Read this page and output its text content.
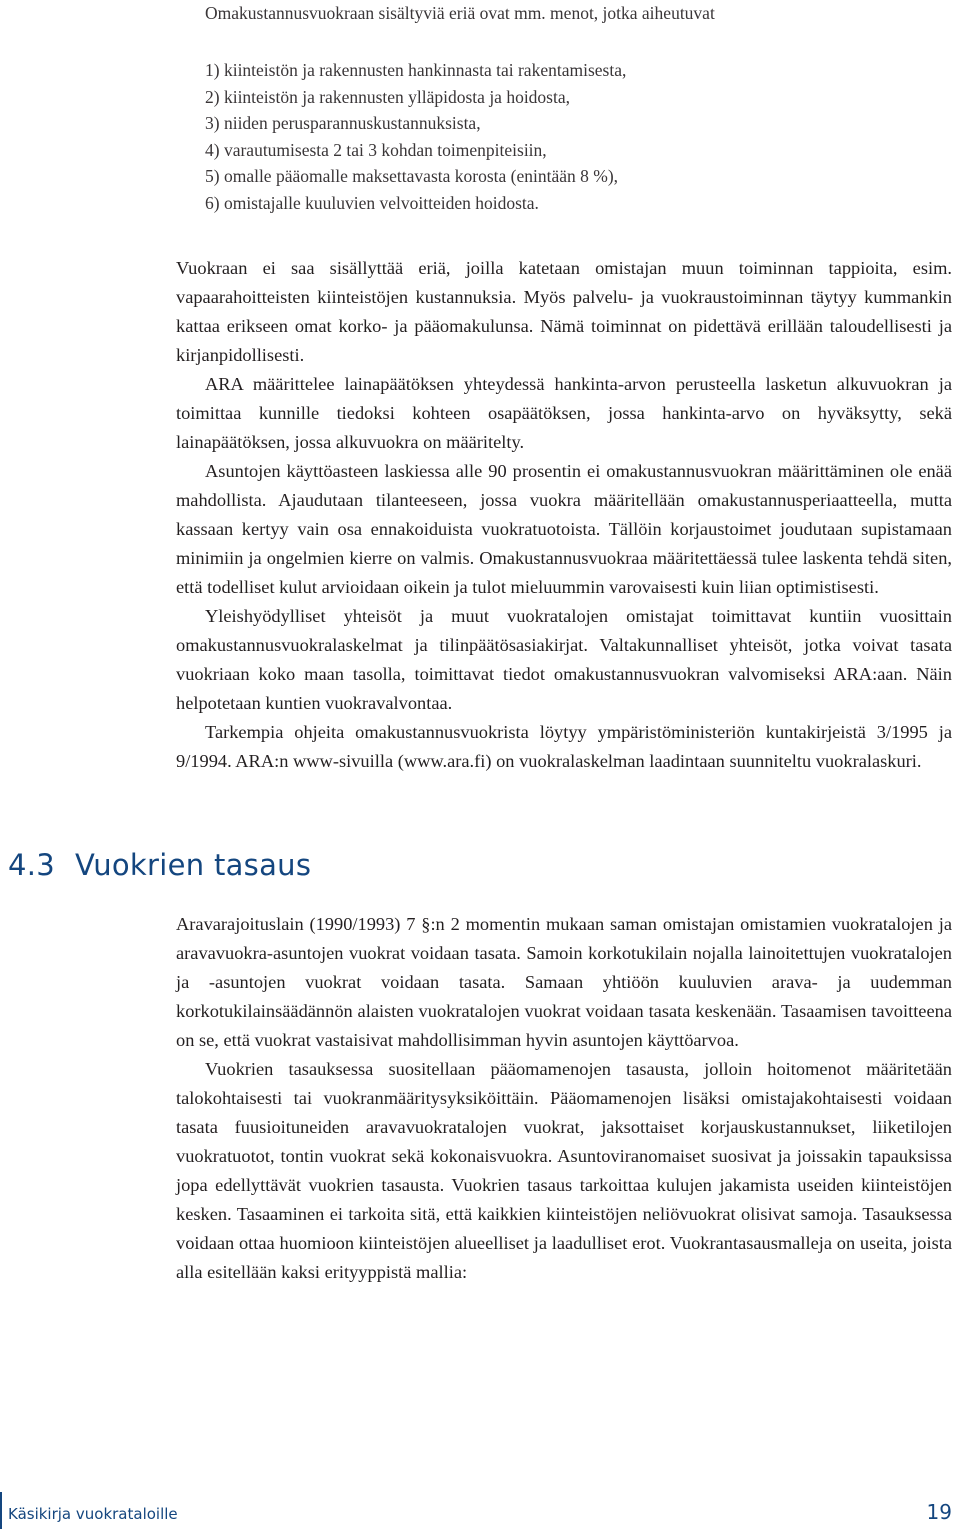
Omakustannusvuokraan sisältyviä eriä ovat mm. menot, jotka aiheutuvat

1) kiinteistön ja rakennusten hankinnasta tai rakentamisesta,

2) kiinteistön ja rakennusten ylläpidosta ja hoidosta,

3) niiden perusparannuskustannuksista,

4) varautumisesta 2 tai 3 kohdan toimenpiteisiin,

5) omalle pääomalle maksettavasta korosta (enintään 8 %),

6) omistajalle kuuluvien velvoitteiden hoidosta.

Vuokraan ei saa sisällyttää eriä, joilla katetaan omistajan muun toiminnan tappioita, esim. vapaarahoitteisten kiinteistöjen kustannuksia. Myös palvelu- ja vuokraustoiminnan täytyy kummankin kattaa erikseen omat korko- ja pääomakulunsa. Nämä toiminnat on pidettävä erillään taloudellisesti ja kirjanpidollisesti.

ARA määrittelee lainapäätöksen yhteydessä hankinta-arvon perusteella lasketun alkuvuokran ja toimittaa kunnille tiedoksi kohteen osapäätöksen, jossa hankinta-arvo on hyväksytty, sekä lainapäätöksen, jossa alkuvuokra on määritelty.

Asuntojen käyttöasteen laskiessa alle 90 prosentin ei omakustannusvuokran määrittäminen ole enää mahdollista. Ajaudutaan tilanteeseen, jossa vuokra määritellään omakustannusperiaatteella, mutta kassaan kertyy vain osa ennakoiduista vuokratuotoista. Tällöin korjaustoimet joudutaan supistamaan minimiin ja ongelmien kierre on valmis. Omakustannusvuokraa määritettäessä tulee laskenta tehdä siten, että todelliset kulut arvioidaan oikein ja tulot mieluummin varovaisesti kuin liian optimistisesti.

Yleishyödylliset yhteisöt ja muut vuokratalojen omistajat toimittavat kuntiin vuosittain omakustannusvuokralaskelmat ja tilinpäätösasiakirjat. Valtakunnalliset yhteisöt, jotka voivat tasata vuokriaan koko maan tasolla, toimittavat tiedot omakustannusvuokran valvomiseksi ARA:aan. Näin helpotetaan kuntien vuokravalvontaa.

Tarkempia ohjeita omakustannusvuokrista löytyy ympäristöministeriön kuntakirjeistä 3/1995 ja 9/1994. ARA:n www-sivuilla (www.ara.fi) on vuokralaskelman laadintaan suunniteltu vuokralaskuri.

4.3 Vuokrien tasaus

Aravarajoituslain (1990/1993) 7 §:n 2 momentin mukaan saman omistajan omistamien vuokratalojen ja aravavuokra-asuntojen vuokrat voidaan tasata. Samoin korkotukilain nojalla lainoitettujen vuokratalojen ja -asuntojen vuokrat voidaan tasata. Samaan yhtiöön kuuluvien arava- ja uudemman korkotukilainsäädännön alaisten vuokratalojen vuokrat voidaan tasata keskenään. Tasaamisen tavoitteena on se, että vuokrat vastaisivat mahdollisimman hyvin asuntojen käyttöarvoa.

Vuokrien tasauksessa suositellaan pääomamenojen tasausta, jolloin hoitomenot määritetään talokohtaisesti tai vuokranmääritysyksiköittäin. Pääomamenojen lisäksi omistajakohtaisesti voidaan tasata fuusioituneiden aravavuokratalojen vuokrat, jaksottaiset korjauskustannukset, liiketilojen vuokratuotot, tontin vuokrat sekä kokonaisvuokra. Asuntoviranomaiset suosivat ja joissakin tapauksissa jopa edellyttävät vuokrien tasausta. Vuokrien tasaus tarkoittaa kulujen jakamista useiden kiinteistöjen kesken. Tasaaminen ei tarkoita sitä, että kaikkien kiinteistöjen neliövuokrat olisivat samoja. Tasauksessa voidaan ottaa huomioon kiinteistöjen alueelliset ja laadulliset erot. Vuokrantasausmalleja on useita, joista alla esitellään kaksi erityyppistä mallia:

Käsikirja vuokrataloille	19
